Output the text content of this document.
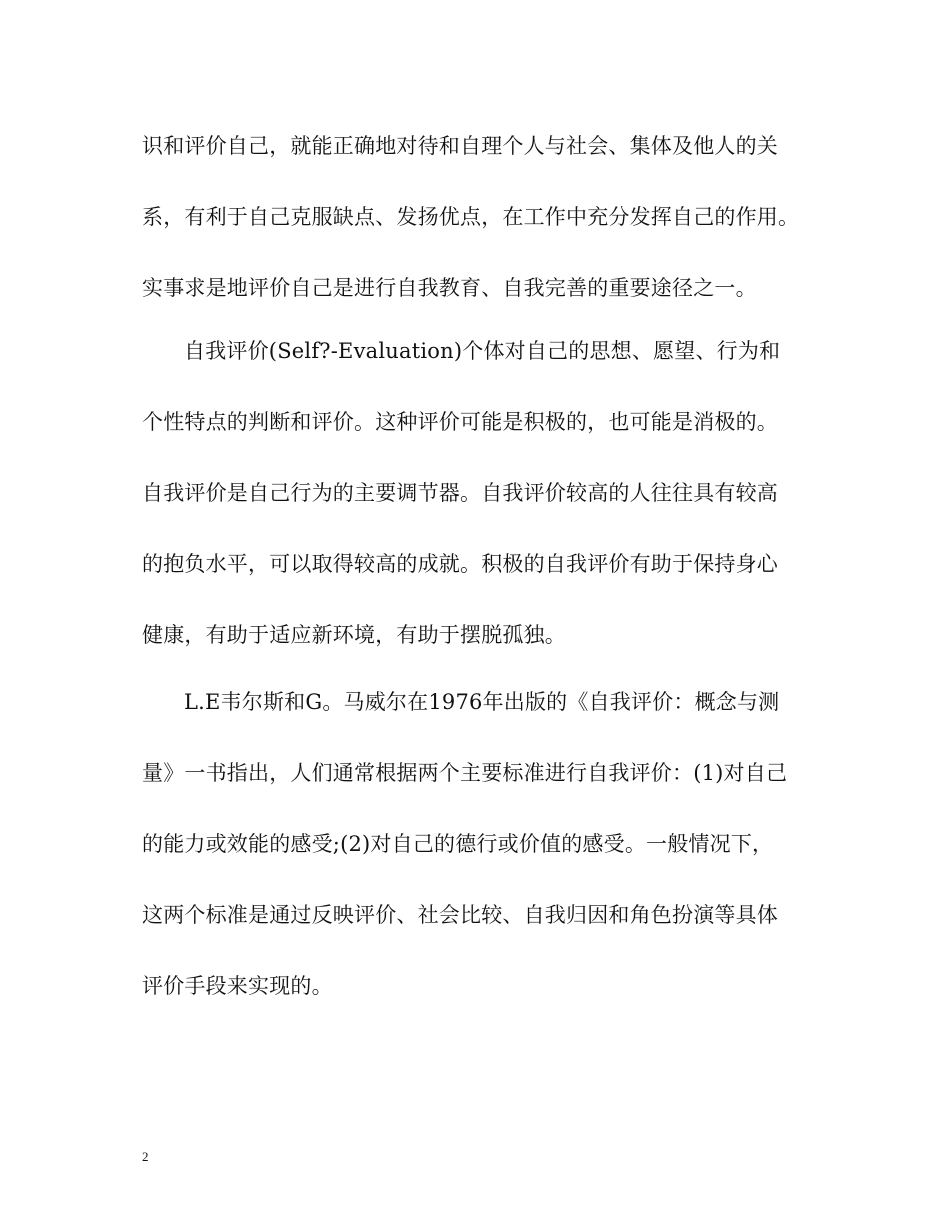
识和评价自己，就能正确地对待和自理个人与社会、集体及他人的关
系，有利于自己克服缺点、发扬优点，在工作中充分发挥自己的作用。
实事求是地评价自己是进行自我教育、自我完善的重要途径之一。
自我评价(Self?-Evaluation)个体对自己的思想、愿望、行为和
个性特点的判断和评价。这种评价可能是积极的，也可能是消极的。
自我评价是自己行为的主要调节器。自我评价较高的人往往具有较高
的抱负水平，可以取得较高的成就。积极的自我评价有助于保持身心
健康，有助于适应新环境，有助于摆脱孤独。
L.E韦尔斯和G。马威尔在1976年出版的《自我评价：概念与测
量》一书指出，人们通常根据两个主要标准进行自我评价：(1)对自己
的能力或效能的感受;(2)对自己的德行或价值的感受。一般情况下，
这两个标准是通过反映评价、社会比较、自我归因和角色扮演等具体
评价手段来实现的。
2
